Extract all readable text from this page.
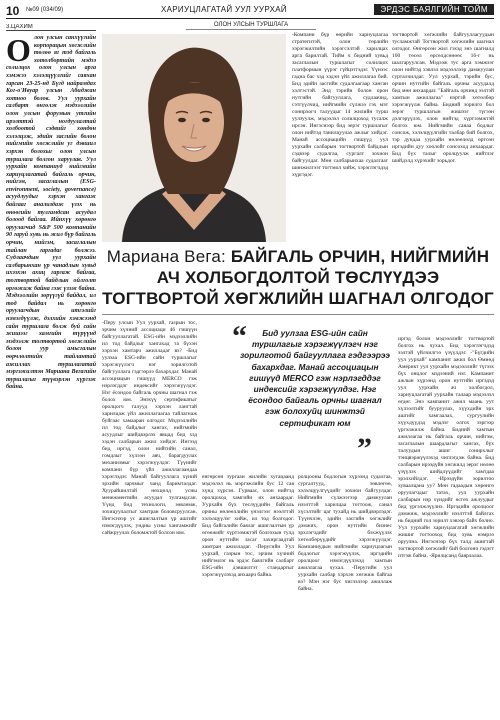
10 №09 (034/09)	ХАРИУЦЛАГАТАЙ УУЛ УУРХАЙ	ЭРДЭС БАЯЛГИЙН ТОЙМ
ОЛОН УЛСЫН ТУРШЛАГА
3.ЦАХИМ

Олон улсын санхүүгийн корпорацын хөгжлийн төлөө яг тэд байгаль хотолбортийн мэдээ солилцох олон улсын арга хэмжээ хэлэлцүүлгийг саяхан гарсан 23-25-нд Бүгд найрамдах Ког-о'Ивуар улсын Абиджан хотноо болов. Уул уурхайн салбарт өнгөлж мэдээллийн олон улсын форумын утгийн ирэлттэй ногдуулалтай холбоотой сэдвийг хөндөн хэлэлцэж, эдийн засгийн болон нийгмийн хөгжлийн уг дэвшил хэрхэн болохыг олон улсын туршлага болгон харуулав. Уул уурхайн компаниуд нийгмийн хариуцлагатай байгаль орчин, нийгэм, засаглалын (ESG- environment, society, governance) асуудлуудыг хэрхэн хангаж байгааг анализдаж үзэх нь өнөөгийн тулгамдсан асуудал болоод байгаа. Ийнхүү хөрөнгө оруулагчид S&P 500 компанийн 90 гаруй хувь нь жил бүр байгаль орчин, нийгэм, засаглалын тайлан гаргадаг болжээ. Судлаачдын уул уурхайн салбарынхан үр чанадлын хувьд ихээхэн ахиц гаргаж байгаа, тогтвортой байдлын ойлголт өргөжиж байна гэж үзэж байна. Мэдээллийн зөрүүгүй байдал, ил тод байдал нь хөрөнгө оруулагчдын итгэлийг нэмэгдүүлж, дэлхийн хэмжээнд сайн туршлага болж буй сайн жишээг хамгийн түрүүнд мэдээлж тогтвортой хөгжлийн болон уур амьсгалын өөрчлөлтийн тайлантай ажиллах туршлагатай мэргэжилтэн Мариана Вегагийн туршлагыг түүвэрлэн хүргэж байна.

-Компани бүр өөрийн хариуцлагаа стратегитэй, олон төрлийн хэрэгжилтийн хэрэгсэлтэй харилцах арга барилтай. Тийм ч бидний хувьд засаглалын туршлагыг солилцох платформын үүрэг гүйцэтгэдэг. Үүнээс гадна бас хэд хэдэн үйл ажиллагаа бий. Бид эдийн засгийн судалгаагаар ханган хэлтэстэй. Энд тэрийн болон орон нутгийн байгууллага, судлаачид, сэтгүүлчид, нийгмийн сүлжээ гэх мэт сонирхогч талуудыг 14 жилийн турш уулзуулж, мэдээлэл солилцоход тусалж ирсэн. Ингэснээр бид эерэг туршлагыг олон нийтэд танилцуулах ажлыг хийдэг. Манай ассоциацийн гишүүд уул уурхайн салбарын тогтвортой байдлын сэдвээр судалгаа, сургалт зохион байгуулдаг. Мөн салбарынхаа судалгааг шинжилгээг тогтмол хийж, хэрэглэгчдэд хүргэдэг.

тогтвортой хөгжлийн байгууллагуудын тусламжтай Тогтвортой хөгжлийн шагнал олгодог. Өнгөрсөн жил гэхэд энэ шагналд 100 төсөл өрсөлдсөнөөс 16-г нь шалгаруулсан. Мэдээж тус арга хэмжээг олон нийтэд хэвлэл мэдээллээр дамжуулан сурталчилдаг. Уул уурхай, тэрийн бус, орчин нутгийн байгаль орчны асуудалд бид мөн анхаардаг. "Байгаль орчинд ээлтэй хамтын ажиллагаа" нэртэй хөтөлбөр хэрэгжүүлж байна. Бидний зорилго бол эерэг туршлагын жишээг түгээн дэлгэрүүлэх, олон нийтэд хүртээмжтэй болгох юм. Нийгмийн санаа бодлыг сонсож, хэлэлцүүлгийн талбар бий болгох, тэр дундаа уурхайн нөлөөлөлд өртсөн иргэдийн дуу хоолойг сонсоход анхаардаг. Бид бүх талыг оролцуулж нийтлэг шийдэлд хүрэхийг зорьдог.

Мариана Вега: БАЙГАЛЬ ОРЧИН, НИЙГМИЙН АЧ ХОЛБОГДОЛТОЙ ТӨСЛҮҮДЭЭ ТОГТВОРТОЙ ХӨГЖЛИЙН ШАГНАЛ ОЛГОДОГ

-Перу улсын Уул уурхай, газрын тос, эрчим хүчний ассоциаци 46 гишүүн байгууллагатай. ESG-ийн мэдээллийн ил тод байдлыг хангахад та бүхэн хэрхэн хамтарч ажилладаг вэ? -Бид уулзаа ESG-ийн сайн туршлагыг хэрэгжүүлэгч нэг зорилготой байгууллага гэдгээрээ бахархдаг. Манай ассоциацын гишүүд MERCO гэж нэрлэгддэг индексийг хэрэгжүүлдэг. Нэг ёсондоо байгаль орчны шагнал гэж болох юм. Энэхүү сертификатыг оролцогч талууд хэрхэн лангтай харилцаж үйл ажиллагаагаа тайлагнаж буйгаас хамааран олгодог. Мэдээллийн ил тод байдлыг хангах, нийгмийн асуудлыг шийдвэрлэх явцад бид хэд хэдэн салбарын ажил хийдэг. Ингээд бид иргэд, олон нийтийн санал, гомдлыг хүлээн авч, барагдуулах механизмыг хэрэгжүүлдэг. Түүнийг компани бүр үйл ажиллагаандаа хэрэглэдэг. Манай байгууллага хүний эрхийн зарчмыг чанд баримталдаг. Хуурайшилтай нөхцөлд усны менежментийн асуудал тулгамдсан. Үүнд бид технологи, зөвлөмж, зохицуулалтыг хамтран боловсруулсан. Ингэснээр ус ашиглалтын үр ашгийг нэмэгдүүлэх, ундны усны хангамжийг сайжруулах боломжтой болсон юм.

“	Бид уулзаа ESG-ийн сайн туршлагыг хэрэгжүүлэгч нэг зорилготой байгууллага гэдгээрээ бахархдаг. Манай ассоциацын гишүүд MERCO гэж нэрлэгддэг индексийг хэрэгжүүлдэг. Нэг ёсондоо байгаль орчны шагнал гэж болохуйц шинжтэй сертификат юм

”

енгөрсөн зургаан жилийн хугацаанд мэдээлэл нь мэргэжлийн бус 12 сая хүнд хүрсэн. Гурваас, олон нийтэд оролцоход хамгийн их анхаардаг. Уурхайн бүх төслүүдийн байгаль орчны нөлөөллийн үнэлгээг нээлттэй хэлэлцүүлэг хийж, ил тод болгодог. Бид байгалийн баялаг ашиглалтын үр өгөөжийг хүртээмжтэй болгохын тулд орон нутгийн засаг захиргаадтай хамтран ажилладаг. -Перугийн Уул уурхай, газрын тос, эрчим хүчний нийгэмлэг нь эрдэс баялгийн салбарт ESG-ийн дэвшилтэт стандартыг хэрэгжүүлэхэд анхаарч байна.

ролцооны бодлогын хүрээнд судалгаа, сургалтууд, зөвлөгөө, хэлэлцүүлгүүдийг зохион байгуулдаг. Нийгмийн сүлжээгээр дамжуулан нээлттэй харилцаа тогтоож, санал хүсэлтийг цаг тухайд нь шийдвэрлэдэг. Түүнчлэн, эдийн засгийн хөгжлийг дэмжих, орон нутгийн бизнес эрхлэгчдийг бэхжүүлэх хөтөлбөрүүдийг хэрэгжүүлдэг. Компаниудын нийгмийн хариуцлагын бодлогыг хэрэгжүүлэх, иргэдийн оролцоог нэмэгдүүлэхэд хамтын ажиллагаа чухал. -Перугийн уул уурхайн салбар хэрхэн хөгжиж байгаа вэ? Мэн нэг бус чиглэлээр ажиллаж байна.

иргэд болон мэдээллийг тогтвортой болгох нь чухал. Бид хэрэглэгчдэд ээлтэй үйлчилгээ үзүүлдэг. -"Бүгдийн уул уурхай" кампанит ажил бол Өмнөд Америкт уул уурхайн мэдээллийг түгээх бүх онцлог мэдээний нэг. Кампанит ажлын хүрээнд орон нутгийн иргэдэд уул уурхайн ач холбогдол, хариуцлагатай уурхайн талаар мэдээлэл өгдөг. Энэ кампанит ажил маань уут хүлээлтийг бууруулах, хүүхдийн эрх ашгийг хамгаалах, сургуулийн хүүхдүүдэд мэдлэг олгох зэргээр үргэлжилж байна. Бидний хамтын ажиллагаа нь байгаль орчин, нийгэм, засаглалын шаардлагыг хангах, бүх талуудын ашиг сонирхлыг тэнцвэржүүлэхэд чиглэгдэж байна. Бид салбарын ирээдүйн хөгжилд эерэг нөлөө үзүүлэх шийдлүүдийг хамтдаа эрэлхийлдэг. -Ирээдүйн зорилтоо хуваалцана уу? Мөн гадаадын хөрөнгө оруулагчдыг татах, уул уурхайн салбарын нэр хүндийг өсгөх ажлуудыг бид үргэлжлүүлнэ. Иргэдийн оролцоог дэмжиж, мэдээллийг нээлттэй байлгах нь бидний гол зорилт хэвээр байх болно. Уул уурхайн хариуцлагатай хөгжлийн жишиг тогтооход бид хувь нэмрээ оруулна. Ингэснээр бүх талд ашигтай тогтвортой хөгжлийг бий болгоно гэдэгт итгэж байна. -Ярилцсанд баярлалаа.
